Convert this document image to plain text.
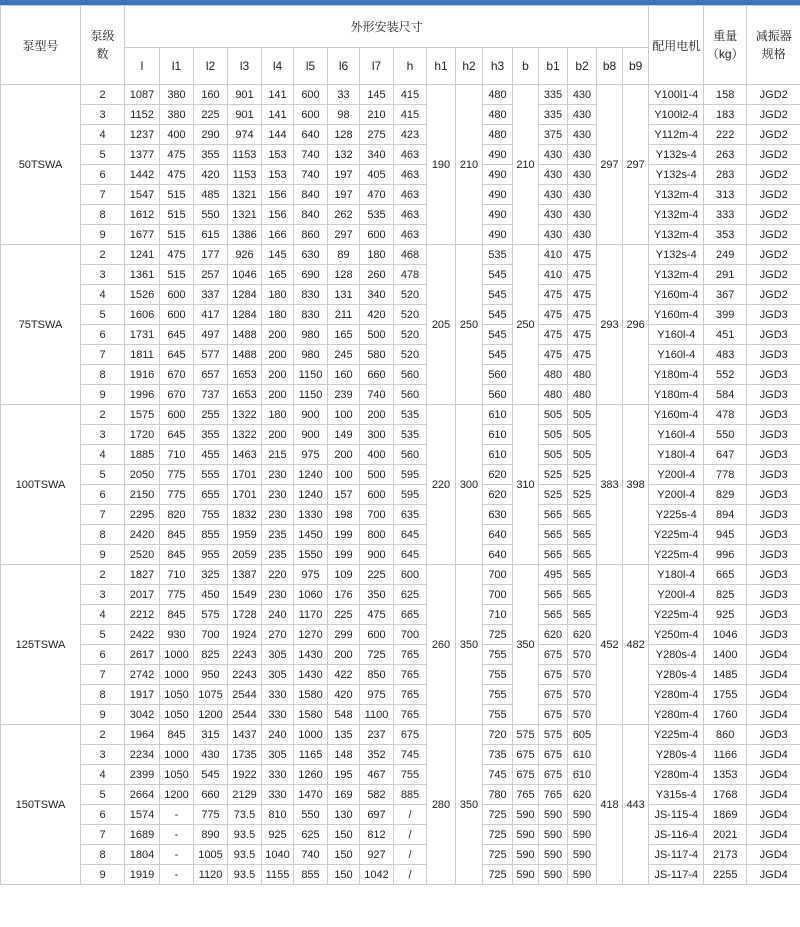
泵型号	泵级数	外形安装尺寸																	配用电机	重量
（kg）	减振器规格

		l	l1	l2	l3	l4	l5	l6	l7	h	h1	h2	h3	b	b1	b2	b8	b9			
50TSWA	2	1087	380	160	901	141	600	33	145	415	190	210	480	210	335	430	297	297	Y100l1-4	158	JGD2
	3	1152	380	225	901	141	600	98	210	415			480		335	430			Y100l2-4	183	JGD2
	4	1237	400	290	974	144	640	128	275	423			480		375	430			Y112m-4	222	JGD2
	5	1377	475	355	1153	153	740	132	340	463			490		430	430			Y132s-4	263	JGD2
	6	1442	475	420	1153	153	740	197	405	463			490		430	430			Y132s-4	283	JGD2
	7	1547	515	485	1321	156	840	197	470	463			490		430	430			Y132m-4	313	JGD2
	8	1612	515	550	1321	156	840	262	535	463			490		430	430			Y132m-4	333	JGD2
	9	1677	515	615	1386	166	860	297	600	463			490		430	430			Y132m-4	353	JGD2
75TSWA	2	1241	475	177	926	145	630	89	180	468	205	250	535	250	410	475	293	296	Y132s-4	249	JGD2
	3	1361	515	257	1046	165	690	128	260	478			545		410	475			Y132m-4	291	JGD2
	4	1526	600	337	1284	180	830	131	340	520			545		475	475			Y160m-4	367	JGD2
	5	1606	600	417	1284	180	830	211	420	520			545		475	475			Y160m-4	399	JGD3
	6	1731	645	497	1488	200	980	165	500	520			545		475	475			Y160l-4	451	JGD3
	7	1811	645	577	1488	200	980	245	580	520			545		475	475			Y160l-4	483	JGD3
	8	1916	670	657	1653	200	1150	160	660	560			560		480	480			Y180m-4	552	JGD3
	9	1996	670	737	1653	200	1150	239	740	560			560		480	480			Y180m-4	584	JGD3
100TSWA	2	1575	600	255	1322	180	900	100	200	535	220	300	610	310	505	505	383	398	Y160m-4	478	JGD3
	3	1720	645	355	1322	200	900	149	300	535			610		505	505			Y160l-4	550	JGD3
	4	1885	710	455	1463	215	975	200	400	560			610		505	505			Y180l-4	647	JGD3
	5	2050	775	555	1701	230	1240	100	500	595			620		525	525			Y200l-4	778	JGD3
	6	2150	775	655	1701	230	1240	157	600	595			620		525	525			Y200l-4	829	JGD3
	7	2295	820	755	1832	230	1330	198	700	635			630		565	565			Y225s-4	894	JGD3
	8	2420	845	855	1959	235	1450	199	800	645			640		565	565			Y225m-4	945	JGD3
	9	2520	845	955	2059	235	1550	199	900	645			640		565	565			Y225m-4	996	JGD3
125TSWA	2	1827	710	325	1387	220	975	109	225	600	260	350	700	350	495	565	452	482	Y180l-4	665	JGD3
	3	2017	775	450	1549	230	1060	176	350	625			700		565	565			Y200l-4	825	JGD3
	4	2212	845	575	1728	240	1170	225	475	665			710		565	565			Y225m-4	925	JGD3
	5	2422	930	700	1924	270	1270	299	600	700			725		620	620			Y250m-4	1046	JGD3
	6	2617	1000	825	2243	305	1430	200	725	765			755		675	570			Y280s-4	1400	JGD4
	7	2742	1000	950	2243	305	1430	422	850	765			755		675	570			Y280s-4	1485	JGD4
	8	1917	1050	1075	2544	330	1580	420	975	765			755		675	570			Y280m-4	1755	JGD4
	9	3042	1050	1200	2544	330	1580	548	1100	765			755		675	570			Y280m-4	1760	JGD4
150TSWA	2	1964	845	315	1437	240	1000	135	237	675	280	350	720	575	575	605	418	443	Y225m-4	860	JGD3
	3	2234	1000	430	1735	305	1165	148	352	745			735	675	675	610			Y280s-4	1166	JGD4
	4	2399	1050	545	1922	330	1260	195	467	755			745	675	675	610			Y280m-4	1353	JGD4
	5	2664	1200	660	2129	330	1470	169	582	885			780	765	765	620			Y315s-4	1768	JGD4
	6	1574	-	775	73.5	810	550	130	697	/			725	590	590	590			JS-115-4	1869	JGD4
	7	1689	-	890	93.5	925	625	150	812	/			725	590	590	590			JS-116-4	2021	JGD4
	8	1804	-	1005	93.5	1040	740	150	927	/			725	590	590	590			JS-117-4	2173	JGD4
	9	1919	-	1120	93.5	1155	855	150	1042	/			725	590	590	590			JS-117-4	2255	JGD4
